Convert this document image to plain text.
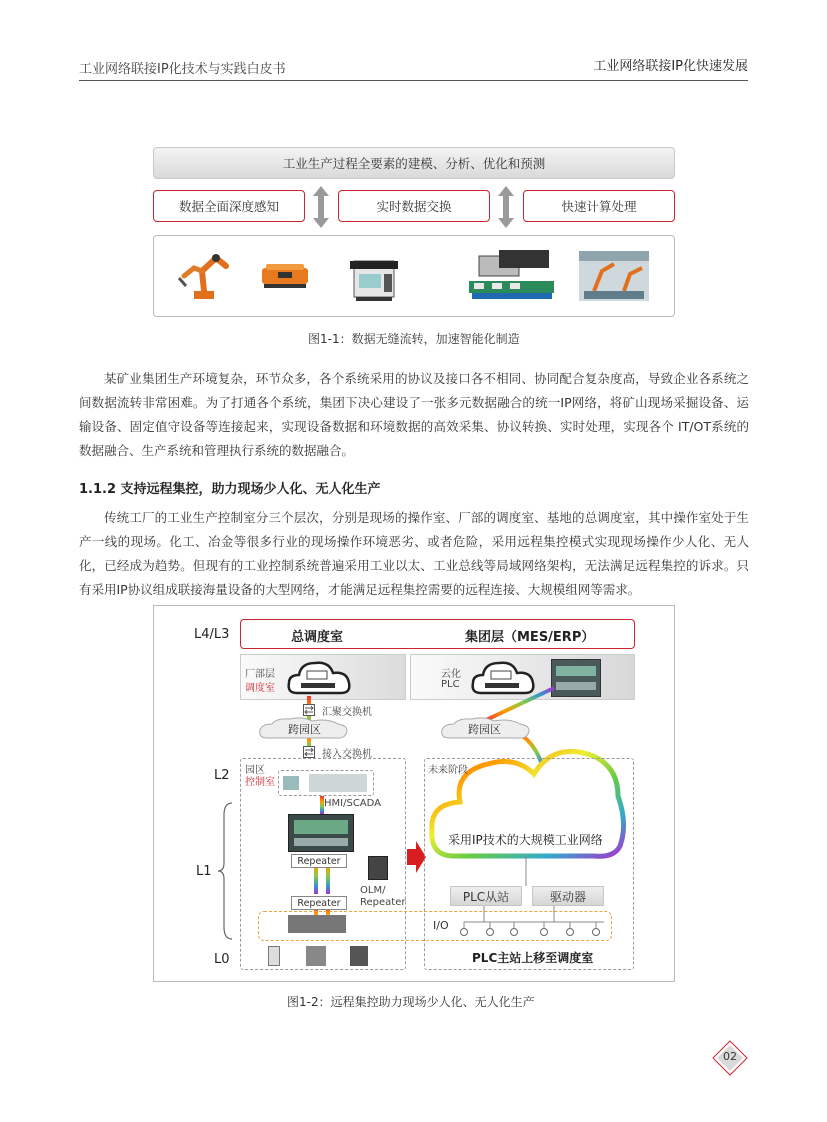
工业网络联接IP化技术与实践白皮书	工业网络联接IP化快速发展
工业生产过程全要素的建模、分析、优化和预测
数据全面深度感知	实时数据交换	快速计算处理
图1-1：数据无缝流转，加速智能化制造

某矿业集团生产环境复杂，环节众多，各个系统采用的协议及接口各不相同、协同配合复杂度高，导致企业各系统之间数据流转非常困难。为了打通各个系统，集团下决心建设了一张多元数据融合的统一IP网络，将矿山现场采掘设备、运输设备、固定值守设备等连接起来，实现设备数据和环境数据的高效采集、协议转换、实时处理，实现各个 IT/OT系统的数据融合、生产系统和管理执行系统的数据融合。

1.1.2 支持远程集控，助力现场少人化、无人化生产

传统工厂的工业生产控制室分三个层次，分别是现场的操作室、厂部的调度室、基地的总调度室，其中操作室处于生产一线的现场。化工、冶金等很多行业的现场操作环境恶劣、或者危险，采用远程集控模式实现现场操作少人化、无人化，已经成为趋势。但现有的工业控制系统普遍采用工业以太、工业总线等局域网络架构，无法满足远程集控的诉求。只有采用IP协议组成联接海量设备的大型网络，才能满足远程集控需要的远程连接、大规模组网等需求。

L4/L3
L2
L1
L0
总调度室	集团层（MES/ERP）
厂部层
调度室
云化
PLC
汇聚交换机
跨园区	跨园区
接入交换机
园区
控制室
HMI/SCADA
Repeater
Repeater
OLM/
Repeater
I/O
未来阶段
采用IP技术的大规模工业网络
PLC从站	驱动器
PLC主站上移至调度室
图1-2：远程集控助力现场少人化、无人化生产
02
